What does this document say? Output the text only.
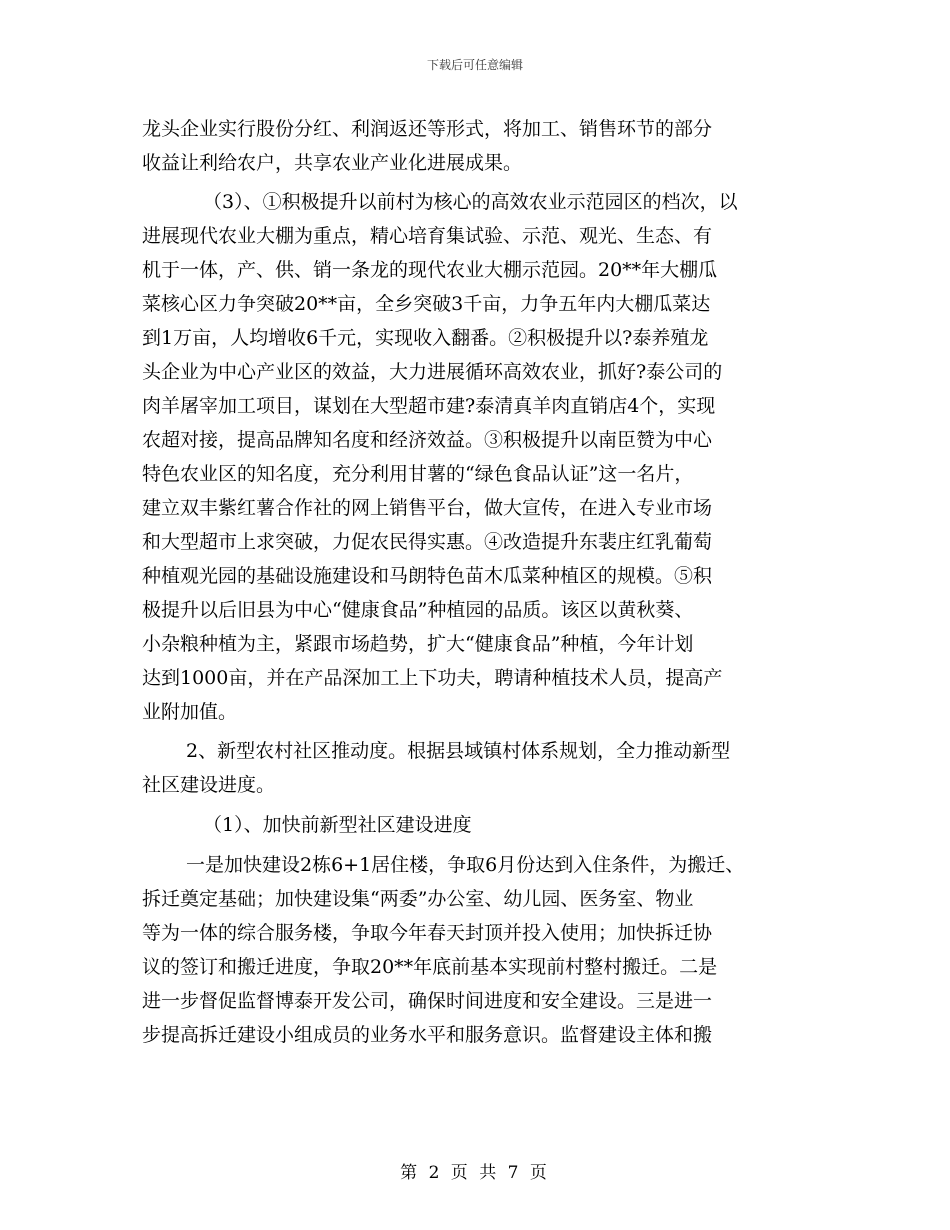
下载后可任意编辑
龙头企业实行股份分红、利润返还等形式，将加工、销售环节的部分
收益让利给农户，共享农业产业化进展成果。
（3）、①积极提升以前村为核心的高效农业示范园区的档次，以
进展现代农业大棚为重点，精心培育集试验、示范、观光、生态、有
机于一体，产、供、销一条龙的现代农业大棚示范园。20**年大棚瓜
菜核心区力争突破20**亩，全乡突破3千亩，力争五年内大棚瓜菜达
到1万亩，人均增收6千元，实现收入翻番。②积极提升以?泰养殖龙
头企业为中心产业区的效益，大力进展循环高效农业，抓好?泰公司的
肉羊屠宰加工项目，谋划在大型超市建?泰清真羊肉直销店4个，实现
农超对接，提高品牌知名度和经济效益。③积极提升以南臣赞为中心
特色农业区的知名度，充分利用甘薯的“绿色食品认证”这一名片，
建立双丰紫红薯合作社的网上销售平台，做大宣传，在进入专业市场
和大型超市上求突破，力促农民得实惠。④改造提升东裴庄红乳葡萄
种植观光园的基础设施建设和马朗特色苗木瓜菜种植区的规模。⑤积
极提升以后旧县为中心“健康食品”种植园的品质。该区以黄秋葵、
小杂粮种植为主，紧跟市场趋势，扩大“健康食品”种植，今年计划
达到1000亩，并在产品深加工上下功夫，聘请种植技术人员，提高产
业附加值。
2、新型农村社区推动度。根据县域镇村体系规划，全力推动新型
社区建设进度。
（1）、加快前新型社区建设进度
一是加快建设2栋6+1居住楼，争取6月份达到入住条件，为搬迁、
拆迁奠定基础；加快建设集“两委”办公室、幼儿园、医务室、物业
等为一体的综合服务楼，争取今年春天封顶并投入使用；加快拆迁协
议的签订和搬迁进度，争取20**年底前基本实现前村整村搬迁。二是
进一步督促监督博泰开发公司，确保时间进度和安全建设。三是进一
步提高拆迁建设小组成员的业务水平和服务意识。监督建设主体和搬
第 2 页 共 7 页
